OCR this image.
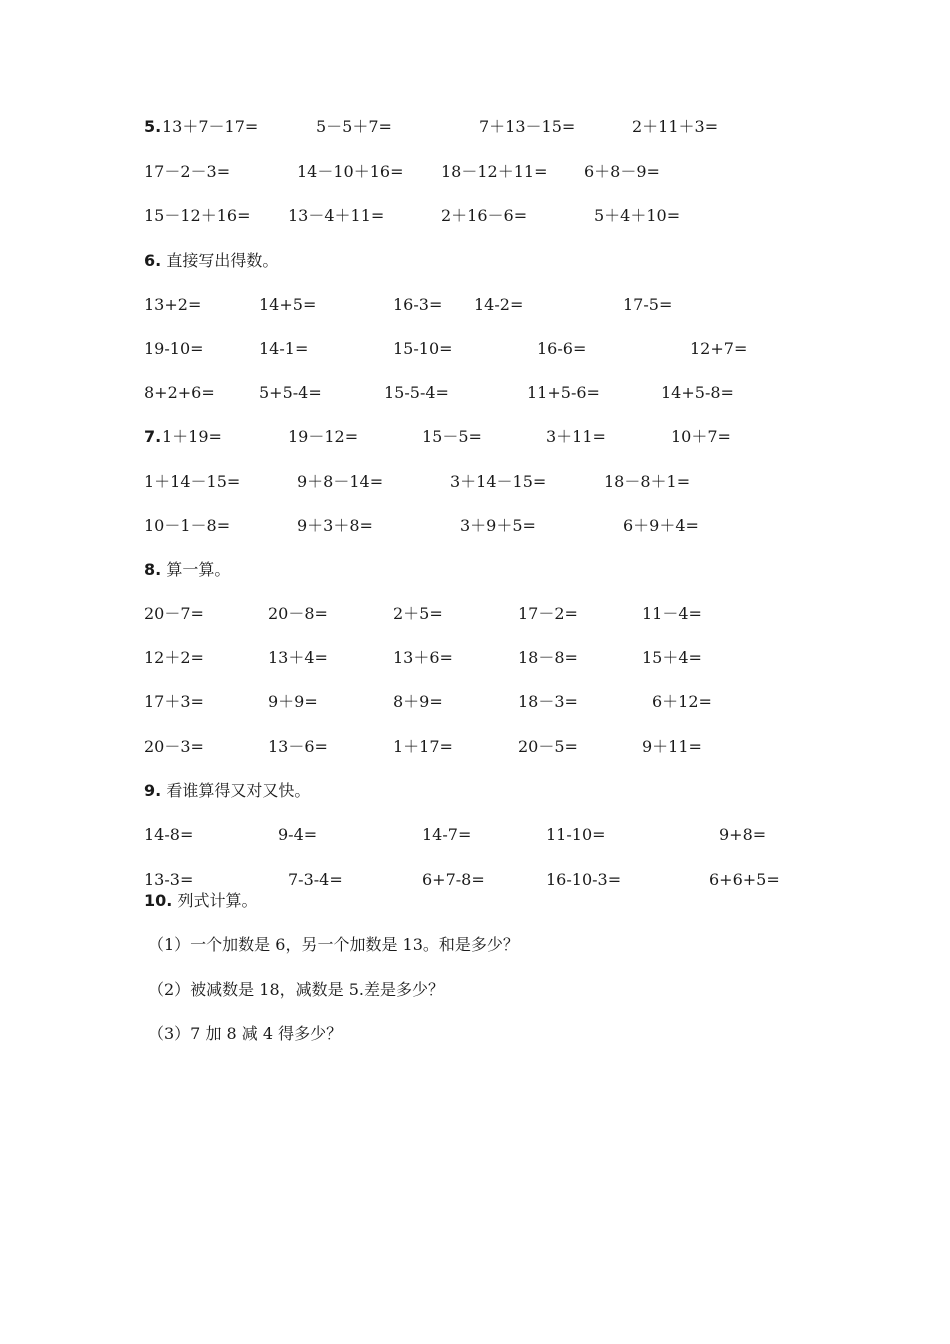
5. 13＋7－17=	5－5＋7=	7＋13－15=	2＋11＋3=
17－2－3=	14－10＋16= 18－12＋11= 6＋8－9=
15－12＋16= 13－4＋11=	2＋16－6=	5＋4＋10=
6. 直接写出得数。
13+2=	14+5=	16-3= 14-2=	17-5=
19-10=	14-1=	15-10=	16-6=	12+7=
8+2+6=	5+5-4=	15-5-4=	11+5-6=	14+5-8=
7. 1＋19=	19－12=	15－5=	3＋11=	10＋7=
1＋14－15=	9＋8－14=	3＋14－15=	18－8＋1=
10－1－8=	9＋3＋8=	3＋9＋5=	6＋9＋4=
8. 算一算。
20－7=	20－8=	2＋5=	17－2=	11－4=
12＋2=	13＋4=	13＋6=	18－8=	15＋4=
17＋3=	9＋9=	8＋9=	18－3=	6＋12=
20－3=	13－6=	1＋17=	20－5=	9＋11=
9. 看谁算得又对又快。
14-8=	9-4=	14-7=	11-10=	9+8=
13-3=	7-3-4=	6+7-8=	16-10-3=	6+6+5=
10. 列式计算。
（1）一个加数是 6，另一个加数是 13。和是多少？
（2）被减数是 18，减数是 5.差是多少？
（3）7 加 8 减 4 得多少？
